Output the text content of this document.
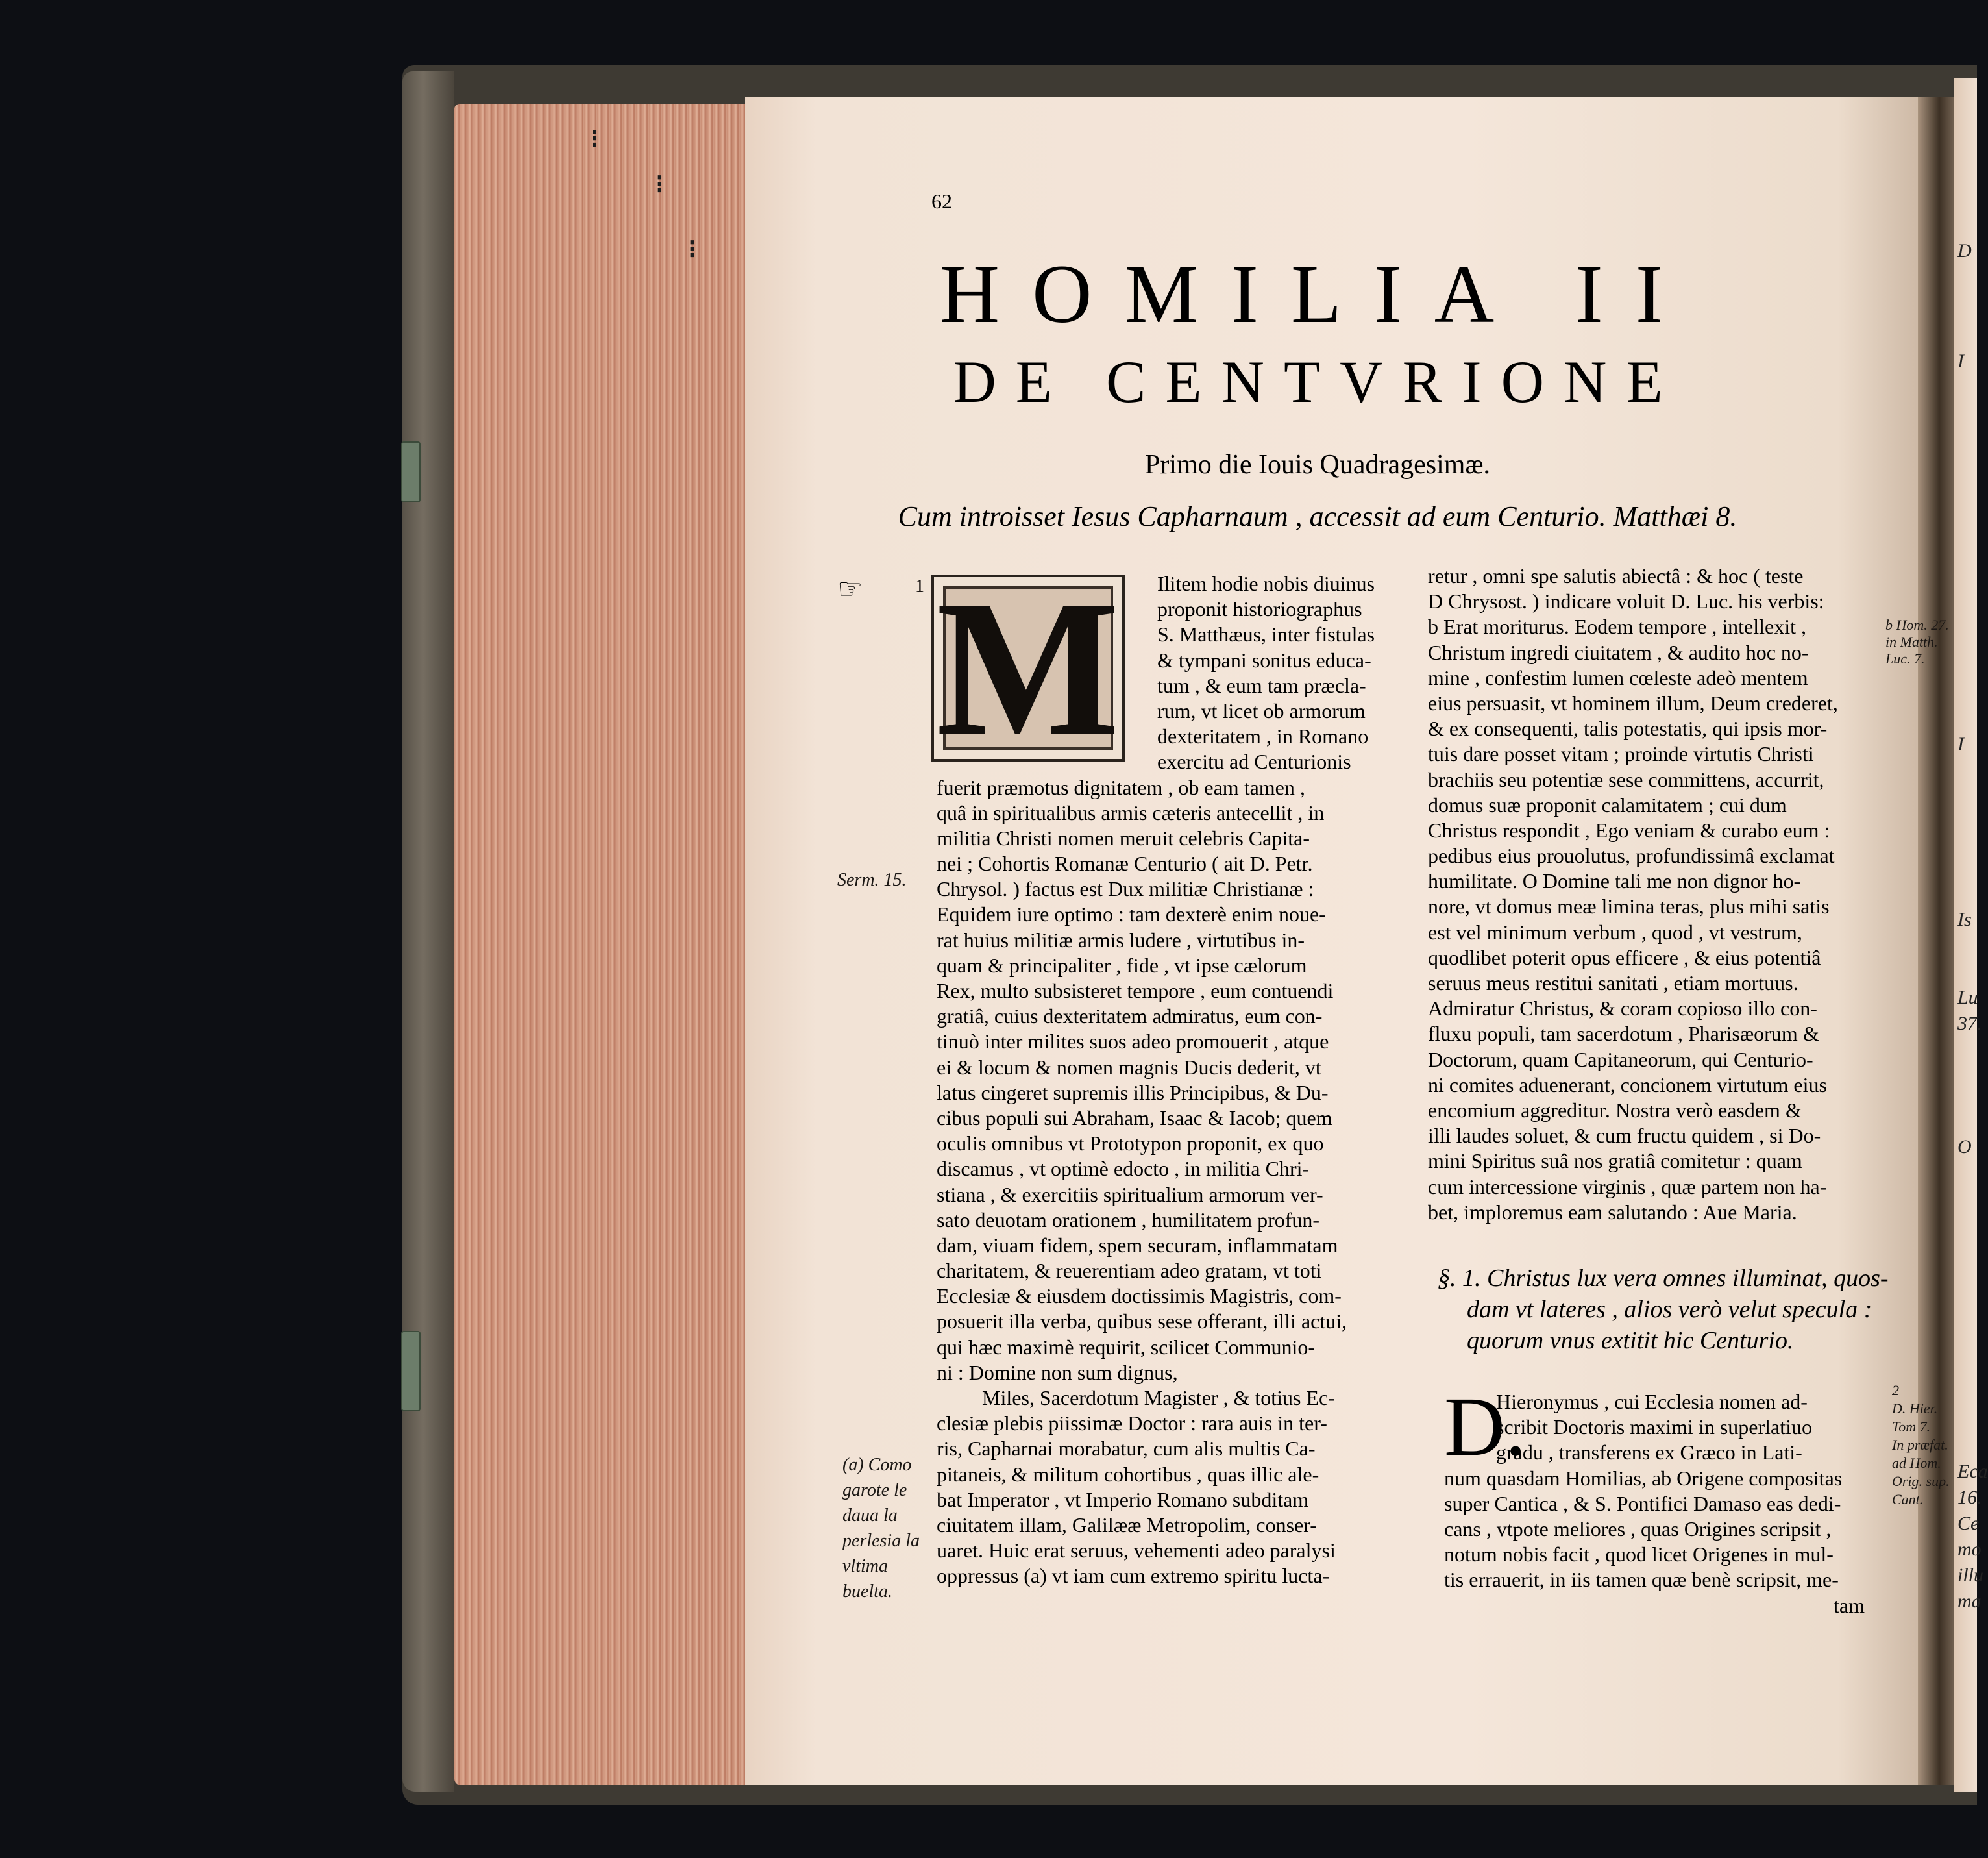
⁝
⁝
⁝	D
I
I
Is
Lu
37.
O
Eca
16.
Ce
mo
illu
ma
62
HOMILIA II
DE CENTVRIONE
Primo die Iouis Quadragesimæ.
Cum introisset Iesus Capharnaum , accessit ad eum Centurio. Matthæi 8.
☞	1
Serm. 15.
(a) Como
garote le
daua la
perlesia la
vltima
buelta.
M	Ilitem hodie nobis diuinus
proponit historiographus
S. Matthæus, inter fistulas
& tympani sonitus educa-
tum , & eum tam præcla-
rum, vt licet ob armorum
dexteritatem , in Romano
exercitu ad Centurionis
fuerit præmotus dignitatem , ob eam tamen ,
quâ in spiritualibus armis cæteris antecellit , in
militia Christi nomen meruit celebris Capita-
nei ; Cohortis Romanæ Centurio ( ait D. Petr.
Chrysol. ) factus est Dux militiæ Christianæ :
Equidem iure optimo : tam dexterè enim noue-
rat huius militiæ armis ludere , virtutibus in-
quam & principaliter , fide , vt ipse cælorum
Rex, multo subsisteret tempore , eum contuendi
gratiâ, cuius dexteritatem admiratus, eum con-
tinuò inter milites suos adeo promouerit , atque
ei & locum & nomen magnis Ducis dederit, vt
latus cingeret supremis illis Principibus, & Du-
cibus populi sui Abraham, Isaac & Iacob; quem
oculis omnibus vt Prototypon proponit, ex quo
discamus , vt optimè edocto , in militia Chri-
stiana , & exercitiis spiritualium armorum ver-
sato deuotam orationem , humilitatem profun-
dam, viuam fidem, spem securam, inflammatam
charitatem, & reuerentiam adeo gratam, vt toti
Ecclesiæ & eiusdem doctissimis Magistris, com-
posuerit illa verba, quibus sese offerant, illi actui,
qui hæc maximè requirit, scilicet Communio-
ni : Domine non sum dignus,
Miles, Sacerdotum Magister , & totius Ec-
clesiæ plebis piissimæ Doctor : rara auis in ter-
ris, Capharnai morabatur, cum alis multis Ca-
pitaneis, & militum cohortibus , quas illic ale-
bat Imperator , vt Imperio Romano subditam
ciuitatem illam, Galilææ Metropolim, conser-
uaret. Huic erat seruus, vehementi adeo paralysi
oppressus (a) vt iam cum extremo spiritu lucta-
retur , omni spe salutis abiectâ : & hoc ( teste
D Chrysost. ) indicare voluit D. Luc. his verbis:
b Erat moriturus. Eodem tempore , intellexit ,
Christum ingredi ciuitatem , & audito hoc no-
mine , confestim lumen cœleste adeò mentem
eius persuasit, vt hominem illum, Deum crederet,
& ex consequenti, talis potestatis, qui ipsis mor-
tuis dare posset vitam ; proinde virtutis Christi
brachiis seu potentiæ sese committens, accurrit,
domus suæ proponit calamitatem ; cui dum
Christus respondit , Ego veniam & curabo eum :
pedibus eius prouolutus, profundissimâ exclamat
humilitate. O Domine tali me non dignor ho-
nore, vt domus meæ limina teras, plus mihi satis
est vel minimum verbum , quod , vt vestrum,
quodlibet poterit opus efficere , & eius potentiâ
seruus meus restitui sanitati , etiam mortuus.
Admiratur Christus, & coram copioso illo con-
fluxu populi, tam sacerdotum , Pharisæorum &
Doctorum, quam Capitaneorum, qui Centurio-
ni comites aduenerant, concionem virtutum eius
encomium aggreditur. Nostra verò easdem &
illi laudes soluet, & cum fructu quidem , si Do-
mini Spiritus suâ nos gratiâ comitetur : quam
cum intercessione virginis , quæ partem non ha-
bet, imploremus eam salutando : Aue Maria.
b Hom. 27.
in Matth.
Luc. 7.
§. 1. Christus lux vera omnes illuminat, quos-
dam vt lateres , alios verò velut specula :
quorum vnus extitit hic Centurio.
D.
Hieronymus , cui Ecclesia nomen ad-
scribit Doctoris maximi in superlatiuo
gradu , transferens ex Græco in Lati-
num quasdam Homilias, ab Origene compositas
super Cantica , & S. Pontifici Damaso eas dedi-
cans , vtpote meliores , quas Origines scripsit ,
notum nobis facit , quod licet Origenes in mul-
tis errauerit, in iis tamen quæ benè scripsit, me-
tam
2
D. Hier.
Tom 7.
In præfat.
ad Hom.
Orig. sup.
Cant.
